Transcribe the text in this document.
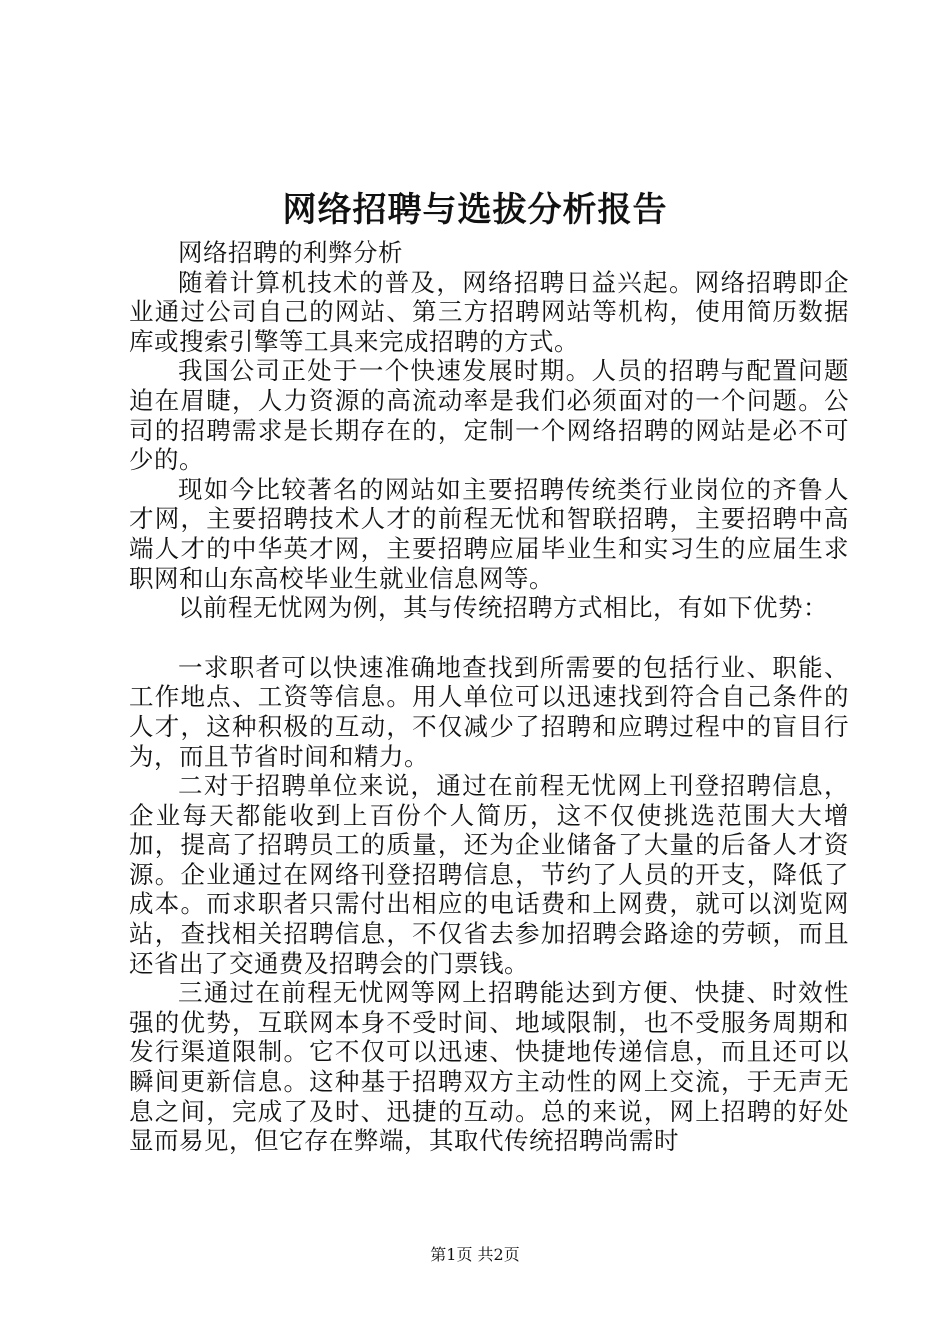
网络招聘与选拔分析报告

网络招聘的利弊分析

随着计算机技术的普及，网络招聘日益兴起。网络招聘即企业通过公司自己的网站、第三方招聘网站等机构，使用简历数据库或搜索引擎等工具来完成招聘的方式。

我国公司正处于一个快速发展时期。人员的招聘与配置问题迫在眉睫，人力资源的高流动率是我们必须面对的一个问题。公司的招聘需求是长期存在的，定制一个网络招聘的网站是必不可少的。

现如今比较著名的网站如主要招聘传统类行业岗位的齐鲁人才网，主要招聘技术人才的前程无忧和智联招聘，主要招聘中高端人才的中华英才网，主要招聘应届毕业生和实习生的应届生求职网和山东高校毕业生就业信息网等。

以前程无忧网为例，其与传统招聘方式相比，有如下优势：

一求职者可以快速准确地查找到所需要的包括行业、职能、工作地点、工资等信息。用人单位可以迅速找到符合自己条件的人才，这种积极的互动，不仅减少了招聘和应聘过程中的盲目行为，而且节省时间和精力。

二对于招聘单位来说，通过在前程无忧网上刊登招聘信息，企业每天都能收到上百份个人简历，这不仅使挑选范围大大增加，提高了招聘员工的质量，还为企业储备了大量的后备人才资源。企业通过在网络刊登招聘信息，节约了人员的开支，降低了成本。而求职者只需付出相应的电话费和上网费，就可以浏览网站，查找相关招聘信息，不仅省去参加招聘会路途的劳顿，而且还省出了交通费及招聘会的门票钱。

三通过在前程无忧网等网上招聘能达到方便、快捷、时效性强的优势，互联网本身不受时间、地域限制，也不受服务周期和发行渠道限制。它不仅可以迅速、快捷地传递信息，而且还可以瞬间更新信息。这种基于招聘双方主动性的网上交流，于无声无息之间，完成了及时、迅捷的互动。总的来说，网上招聘的好处显而易见，但它存在弊端，其取代传统招聘尚需时

第1页 共2页
